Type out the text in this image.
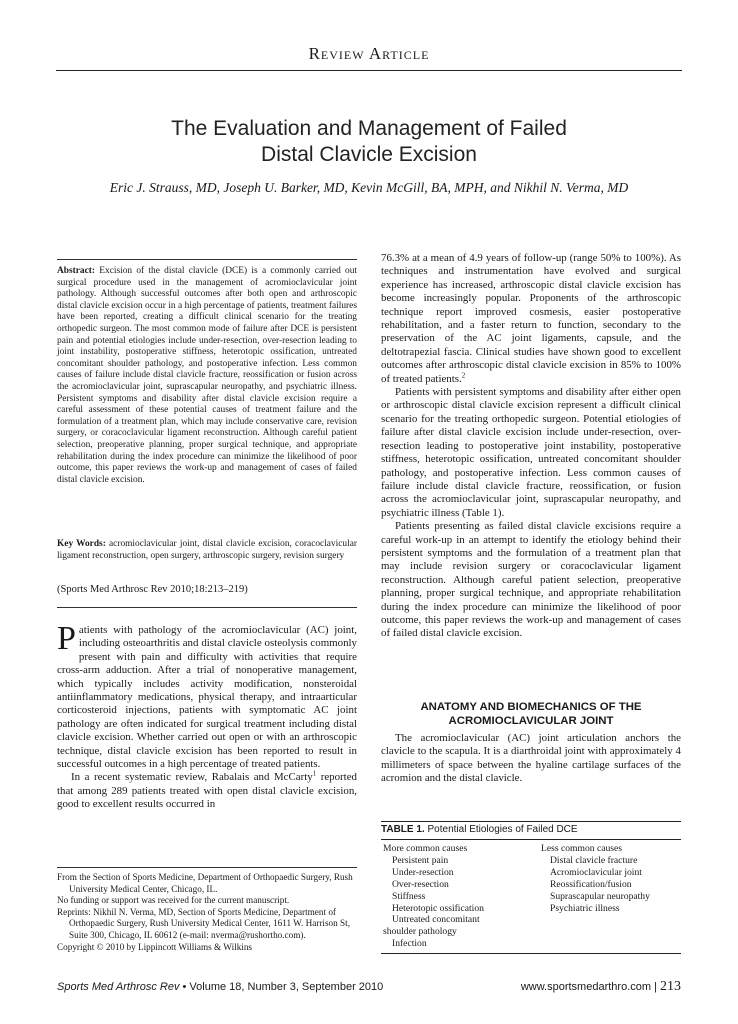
Review Article
The Evaluation and Management of Failed
Distal Clavicle Excision
Eric J. Strauss, MD, Joseph U. Barker, MD, Kevin McGill, BA, MPH, and Nikhil N. Verma, MD
Abstract: Excision of the distal clavicle (DCE) is a commonly carried out surgical procedure used in the management of acromioclavicular joint pathology. Although successful outcomes after both open and arthroscopic distal clavicle excision occur in a high percentage of patients, treatment failures have been reported, creating a difficult clinical scenario for the treating orthopedic surgeon. The most common mode of failure after DCE is persistent pain and potential etiologies include under-resection, over-resection leading to joint instability, postoperative stiffness, heterotopic ossification, untreated concomitant shoulder pathology, and postoperative infection. Less common causes of failure include distal clavicle fracture, reossification or fusion across the acromioclavicular joint, suprascapular neuropathy, and psychiatric illness. Persistent symptoms and disability after distal clavicle excision require a careful assessment of these potential causes of treatment failure and the formulation of a treatment plan, which may include conservative care, revision surgery, or coracoclavicular ligament reconstruction. Although careful patient selection, preoperative planning, proper surgical technique, and appropriate rehabilitation during the index procedure can minimize the likelihood of poor outcome, this paper reviews the work-up and management of cases of failed distal clavicle excision.
Key Words: acromioclavicular joint, distal clavicle excision, coracoclavicular ligament reconstruction, open surgery, arthroscopic surgery, revision surgery
(Sports Med Arthrosc Rev 2010;18:213–219)

Patients with pathology of the acromioclavicular (AC) joint, including osteoarthritis and distal clavicle osteolysis commonly present with pain and difficulty with activities that require cross-arm adduction. After a trial of nonoperative management, which typically includes activity modification, nonsteroidal antiinflammatory medications, physical therapy, and intraarticular corticosteroid injections, patients with symptomatic AC joint pathology are often indicated for surgical treatment including distal clavicle excision. Whether carried out open or with an arthroscopic technique, distal clavicle excision has been reported to result in successful outcomes in a high percentage of treated patients.

In a recent systematic review, Rabalais and McCarty$^1$ reported that among 289 patients treated with open distal clavicle excision, good to excellent results occurred in

From the Section of Sports Medicine, Department of Orthopaedic Surgery, Rush University Medical Center, Chicago, IL.
No funding or support was received for the current manuscript.
Reprints: Nikhil N. Verma, MD, Section of Sports Medicine, Department of Orthopaedic Surgery, Rush University Medical Center, 1611 W. Harrison St, Suite 300, Chicago, IL 60612 (e-mail: nverma@rushortho.com).
Copyright © 2010 by Lippincott Williams & Wilkins

76.3% at a mean of 4.9 years of follow-up (range 50% to 100%). As techniques and instrumentation have evolved and surgical experience has increased, arthroscopic distal clavicle excision has become increasingly popular. Proponents of the arthroscopic technique report improved cosmesis, easier postoperative rehabilitation, and a faster return to function, secondary to the preservation of the AC joint ligaments, capsule, and the deltotrapezial fascia. Clinical studies have shown good to excellent outcomes after arthroscopic distal clavicle excision in 85% to 100% of treated patients.$^2$

Patients with persistent symptoms and disability after either open or arthroscopic distal clavicle excision represent a difficult clinical scenario for the treating orthopedic surgeon. Potential etiologies of failure after distal clavicle excision include under-resection, over-resection leading to postoperative joint instability, postoperative stiffness, heterotopic ossification, untreated concomitant shoulder pathology, and postoperative infection. Less common causes of failure include distal clavicle fracture, reossification, or fusion across the acromioclavicular joint, suprascapular neuropathy, and psychiatric illness (Table 1).

Patients presenting as failed distal clavicle excisions require a careful work-up in an attempt to identify the etiology behind their persistent symptoms and the formulation of a treatment plan that may include revision surgery or coracoclavicular ligament reconstruction. Although careful patient selection, preoperative planning, proper surgical technique, and appropriate rehabilitation during the index procedure can minimize the likelihood of poor outcome, this paper reviews the work-up and management of cases of failed distal clavicle excision.

ANATOMY AND BIOMECHANICS OF THE
ACROMIOCLAVICULAR JOINT

The acromioclavicular (AC) joint articulation anchors the clavicle to the scapula. It is a diarthroidal joint with approximately 4 millimeters of space between the hyaline cartilage surfaces of the acromion and the distal clavicle.

TABLE 1. Potential Etiologies of Failed DCE
More common causes
Persistent pain
Under-resection
Over-resection
Stiffness
Heterotopic ossification
Untreated concomitant
shoulder pathology
Infection
Less common causes
Distal clavicle fracture
Acromioclavicular joint
Reossification/fusion
Suprascapular neuropathy
Psychiatric illness
Sports Med Arthrosc Rev • Volume 18, Number 3, September 2010	www.sportsmedarthro.com | 213
